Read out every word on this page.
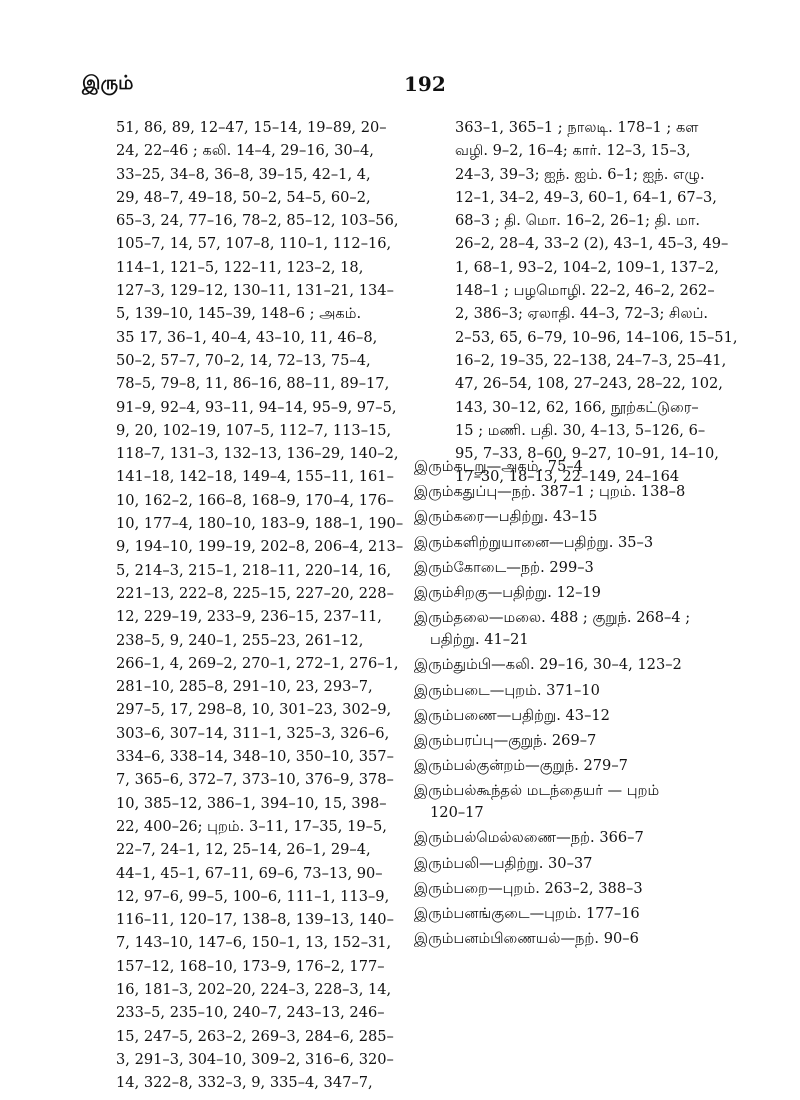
இரும்	192
51, 86, 89, 12–47, 15–14, 19–89, 20–
24, 22–46 ; கலி. 14–4, 29–16, 30–4,
33–25, 34–8, 36–8, 39–15, 42–1, 4,
29, 48–7, 49–18, 50–2, 54–5, 60–2,
65–3, 24, 77–16, 78–2, 85–12, 103–56,
105–7, 14, 57, 107–8, 110–1, 112–16,
114–1, 121–5, 122–11, 123–2, 18,
127–3, 129–12, 130–11, 131–21, 134–
5, 139–10, 145–39, 148–6 ; அகம்.
35 17, 36–1, 40–4, 43–10, 11, 46–8,
50–2, 57–7, 70–2, 14, 72–13, 75–4,
78–5, 79–8, 11, 86–16, 88–11, 89–17,
91–9, 92–4, 93–11, 94–14, 95–9, 97–5,
9, 20, 102–19, 107–5, 112–7, 113–15,
118–7, 131–3, 132–13, 136–29, 140–2,
141–18, 142–18, 149–4, 155–11, 161–
10, 162–2, 166–8, 168–9, 170–4, 176–
10, 177–4, 180–10, 183–9, 188–1, 190–
9, 194–10, 199–19, 202–8, 206–4, 213–
5, 214–3, 215–1, 218–11, 220–14, 16,
221–13, 222–8, 225–15, 227–20, 228–
12, 229–19, 233–9, 236–15, 237–11,
238–5, 9, 240–1, 255–23, 261–12,
266–1, 4, 269–2, 270–1, 272–1, 276–1,
281–10, 285–8, 291–10, 23, 293–7,
297–5, 17, 298–8, 10, 301–23, 302–9,
303–6, 307–14, 311–1, 325–3, 326–6,
334–6, 338–14, 348–10, 350–10, 357–
7, 365–6, 372–7, 373–10, 376–9, 378–
10, 385–12, 386–1, 394–10, 15, 398–
22, 400–26; புறம். 3–11, 17–35, 19–5,
22–7, 24–1, 12, 25–14, 26–1, 29–4,
44–1, 45–1, 67–11, 69–6, 73–13, 90–
12, 97–6, 99–5, 100–6, 111–1, 113–9,
116–11, 120–17, 138–8, 139–13, 140–
7, 143–10, 147–6, 150–1, 13, 152–31,
157–12, 168–10, 173–9, 176–2, 177–
16, 181–3, 202–20, 224–3, 228–3, 14,
233–5, 235–10, 240–7, 243–13, 246–
15, 247–5, 263–2, 269–3, 284–6, 285–
3, 291–3, 304–10, 309–2, 316–6, 320–
14, 322–8, 332–3, 9, 335–4, 347–7,
363–1, 365–1 ; நாலடி. 178–1 ; கள
வழி. 9–2, 16–4; கார். 12–3, 15–3,
24–3, 39–3; ஐந். ஐம். 6–1; ஐந். எழு.
12–1, 34–2, 49–3, 60–1, 64–1, 67–3,
68–3 ; தி. மொ. 16–2, 26–1; தி. மா.
26–2, 28–4, 33–2 (2), 43–1, 45–3, 49–
1, 68–1, 93–2, 104–2, 109–1, 137–2,
148–1 ; பழமொழி. 22–2, 46–2, 262–
2, 386–3; ஏலாதி. 44–3, 72–3; சிலப்.
2–53, 65, 6–79, 10–96, 14–106, 15–51,
16–2, 19–35, 22–138, 24–7–3, 25–41,
47, 26–54, 108, 27–243, 28–22, 102,
143, 30–12, 62, 166, நூற்கட்டுரை–
15 ; மணி. பதி. 30, 4–13, 5–126, 6–
95, 7–33, 8–60, 9–27, 10–91, 14–10,
17–30, 18–13, 22–149, 24–164
இரும்கடறு—அகம். 75–4
இரும்கதுப்பு—நற். 387–1 ; புறம். 138–8
இரும்கரை—பதிற்று. 43–15
இரும்களிற்றுயானை—பதிற்று. 35–3
இரும்கோடை—நற். 299–3
இரும்சிறகு—பதிற்று. 12–19
இரும்தலை—மலை. 488 ; குறுந். 268–4 ;
பதிற்று. 41–21
இரும்தும்பி—கலி. 29–16, 30–4, 123–2
இரும்படை—புறம். 371–10
இரும்பணை—பதிற்று. 43–12
இரும்பரப்பு—குறுந். 269–7
இரும்பல்குன்றம்—குறுந். 279–7
இரும்பல்கூந்தல் மடந்தையர் — புறம்
120–17
இரும்பல்மெல்லணை—நற். 366–7
இரும்பலி—பதிற்று. 30–37
இரும்பறை—புறம். 263–2, 388–3
இரும்பனங்குடை—புறம். 177–16
இரும்பனம்பிணையல்—நற். 90–6
